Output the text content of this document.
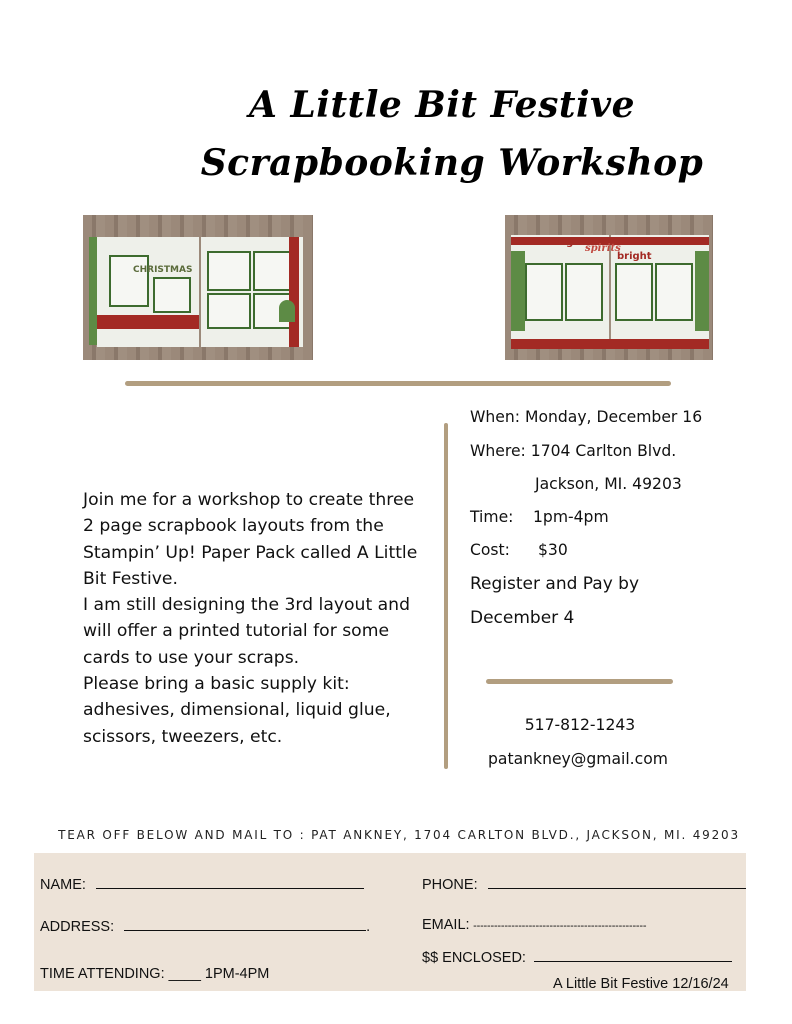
A Little Bit Festive
Scrapbooking Workshop
CHRISTMAS
baking
spirits
bright

Join me for a workshop to create three 2 page scrapbook layouts from the Stampin’ Up! Paper Pack called A Little Bit Festive.
I am still designing the 3rd layout and will offer a printed tutorial for some cards to use your scraps.
Please bring a basic supply kit: adhesives, dimensional, liquid glue, scissors, tweezers, etc.

When: Monday, December 16
Where: 1704 Carlton Blvd.
Jackson, MI. 49203
Time: 1pm-4pm
Cost: $30
Register and Pay by
December 4
517-812-1243
patankney@gmail.com
TEAR OFF BELOW AND MAIL TO : PAT ANKNEY, 1704 CARLTON BLVD., JACKSON, MI. 49203
NAME:	PHONE:
ADDRESS:	.	EMAIL: --------------------------------------------------
$$ ENCLOSED:
TIME ATTENDING: ____ 1PM-4PM
A Little Bit Festive 12/16/24
